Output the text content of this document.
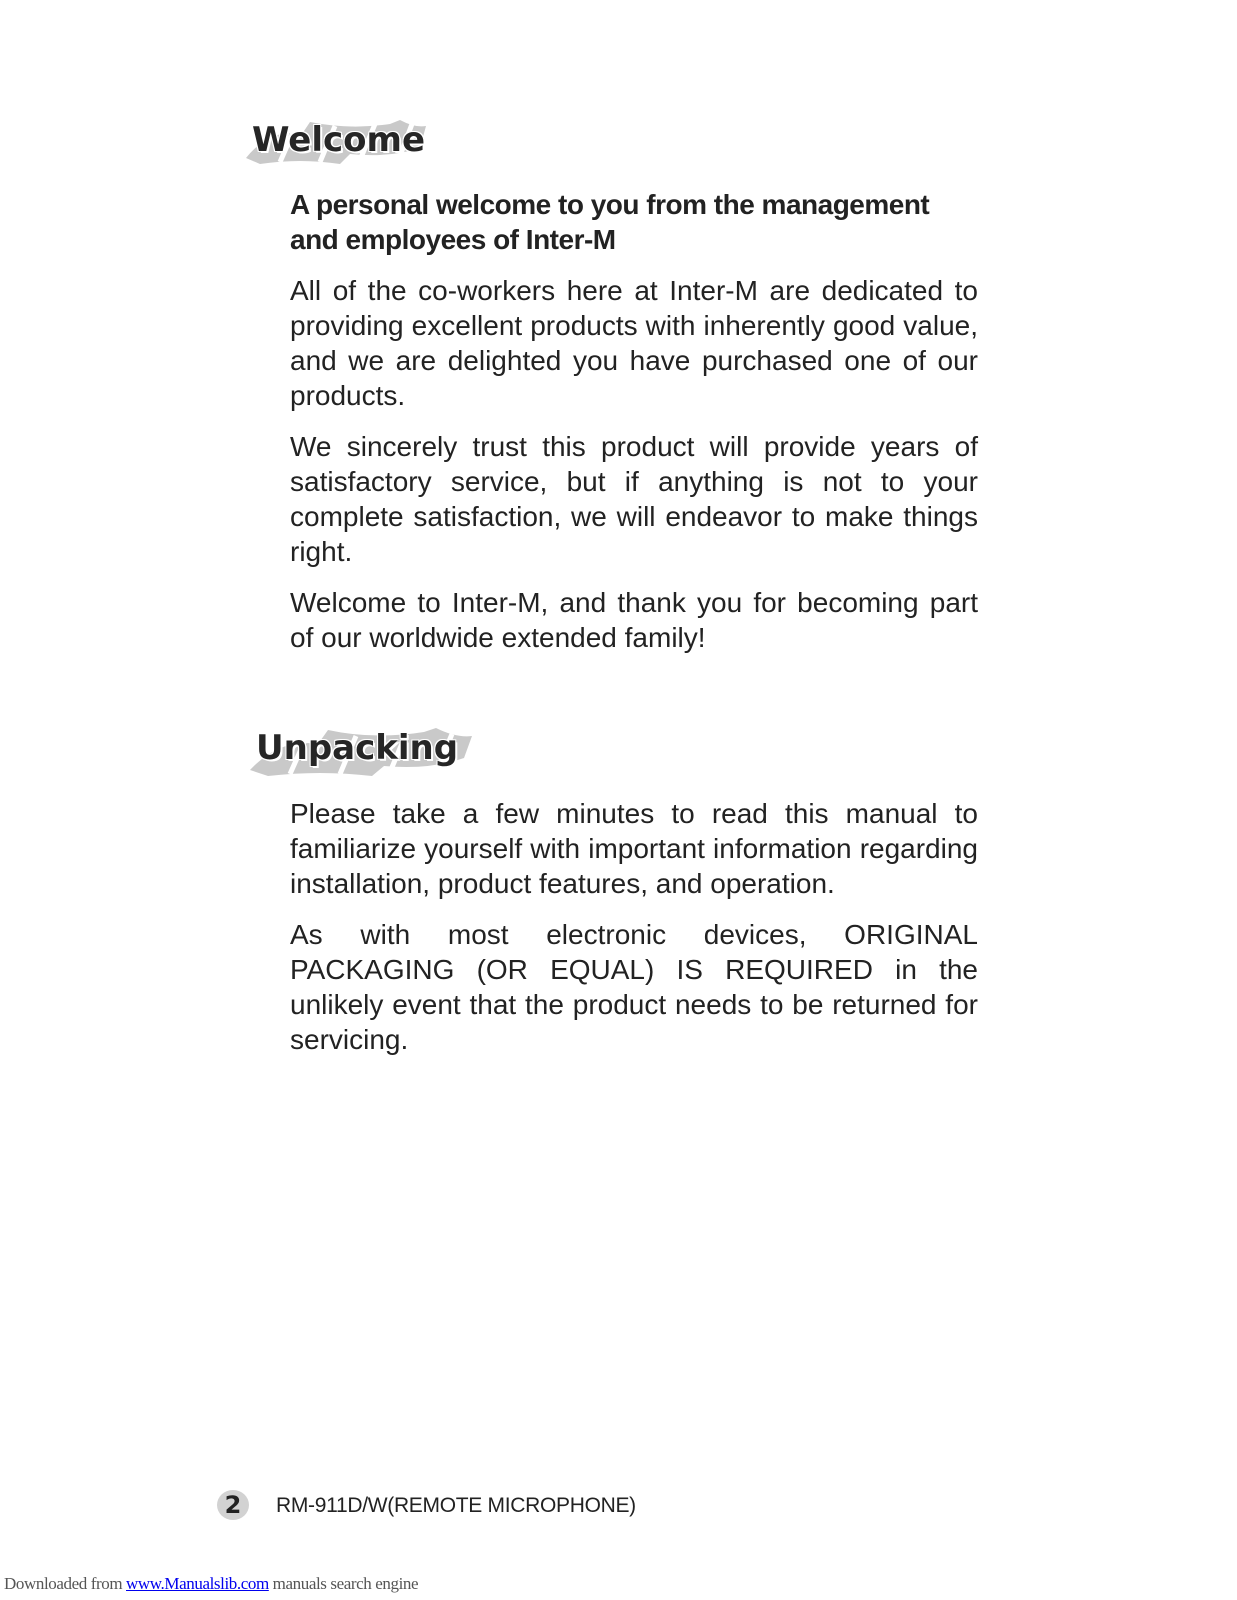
Welcome

A personal welcome to you from the management and employees of Inter-M

All of the co-workers here at Inter-M are dedicated to providing excellent products with inherently good value, and we are delighted you have purchased one of our products.

We sincerely trust this product will provide years of satisfactory service, but if anything is not to your complete satisfaction, we will endeavor to make things right.

Welcome to Inter-M, and thank you for becoming part of our worldwide extended family!

Unpacking

Please take a few minutes to read this manual to familiarize yourself with important information regarding installation, product features, and operation.

As with most electronic devices, ORIGINAL PACKAGING (OR EQUAL) IS REQUIRED in the unlikely event that the product needs to be returned for servicing.

2	RM-911D/W(REMOTE MICROPHONE)
Downloaded from www.Manualslib.com manuals search engine
